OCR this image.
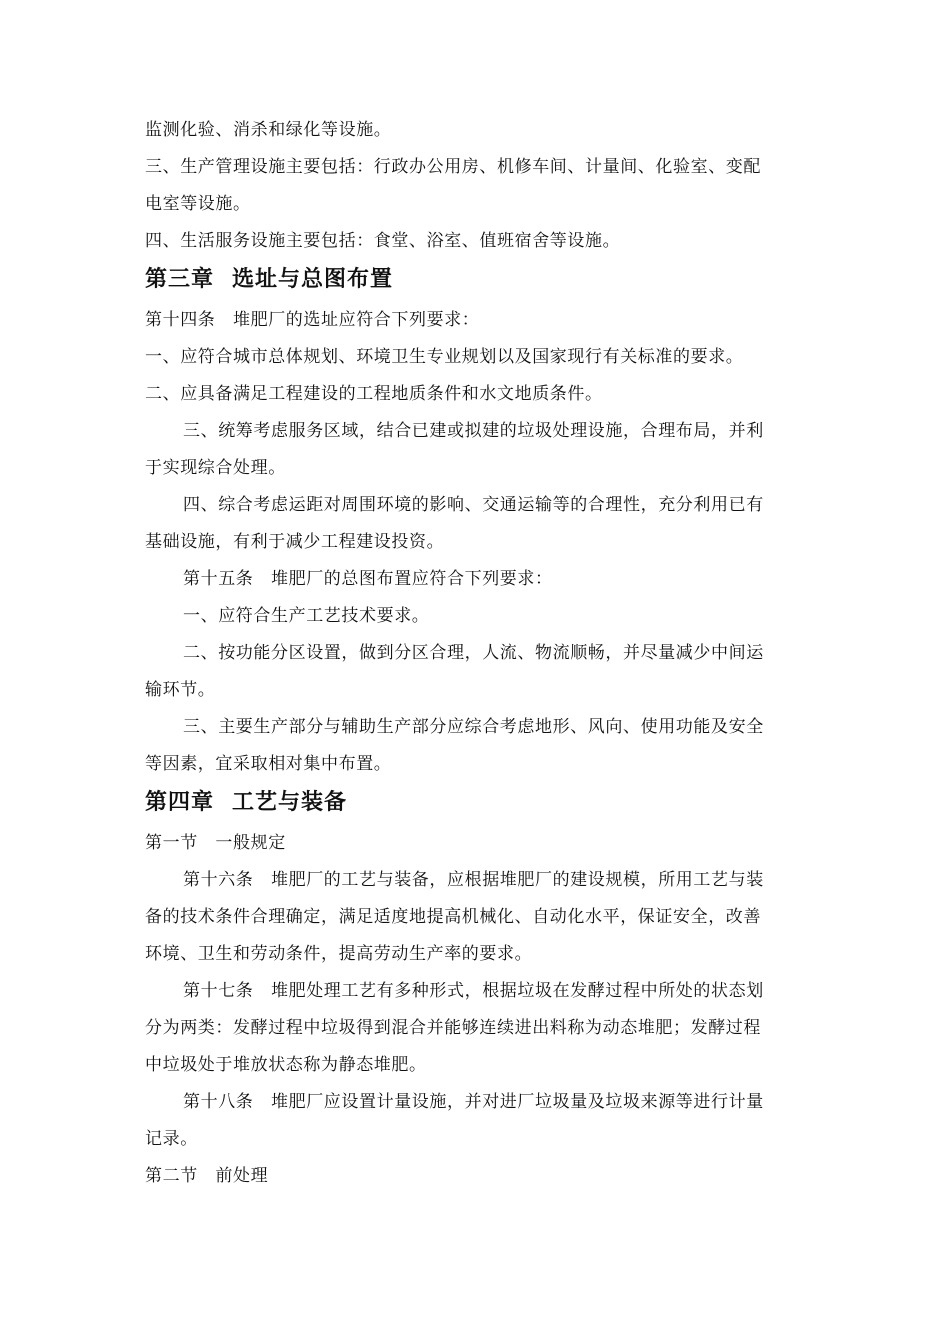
监测化验、消杀和绿化等设施。
三、生产管理设施主要包括：行政办公用房、机修车间、计量间、化验室、变配
电室等设施。
四、生活服务设施主要包括：食堂、浴室、值班宿舍等设施。
第三章 选址与总图布置
第十四条　堆肥厂的选址应符合下列要求：
一、应符合城市总体规划、环境卫生专业规划以及国家现行有关标准的要求。
二、应具备满足工程建设的工程地质条件和水文地质条件。
三、统筹考虑服务区域，结合已建或拟建的垃圾处理设施，合理布局，并利
于实现综合处理。
四、综合考虑运距对周围环境的影响、交通运输等的合理性，充分利用已有
基础设施，有利于减少工程建设投资。
第十五条　堆肥厂的总图布置应符合下列要求：
一、应符合生产工艺技术要求。
二、按功能分区设置，做到分区合理，人流、物流顺畅，并尽量减少中间运
输环节。
三、主要生产部分与辅助生产部分应综合考虑地形、风向、使用功能及安全
等因素，宜采取相对集中布置。
第四章 工艺与装备
第一节　一般规定
第十六条　堆肥厂的工艺与装备，应根据堆肥厂的建设规模，所用工艺与装
备的技术条件合理确定，满足适度地提高机械化、自动化水平，保证安全，改善
环境、卫生和劳动条件，提高劳动生产率的要求。
第十七条　堆肥处理工艺有多种形式，根据垃圾在发酵过程中所处的状态划
分为两类：发酵过程中垃圾得到混合并能够连续进出料称为动态堆肥；发酵过程
中垃圾处于堆放状态称为静态堆肥。
第十八条　堆肥厂应设置计量设施，并对进厂垃圾量及垃圾来源等进行计量
记录。
第二节　前处理
